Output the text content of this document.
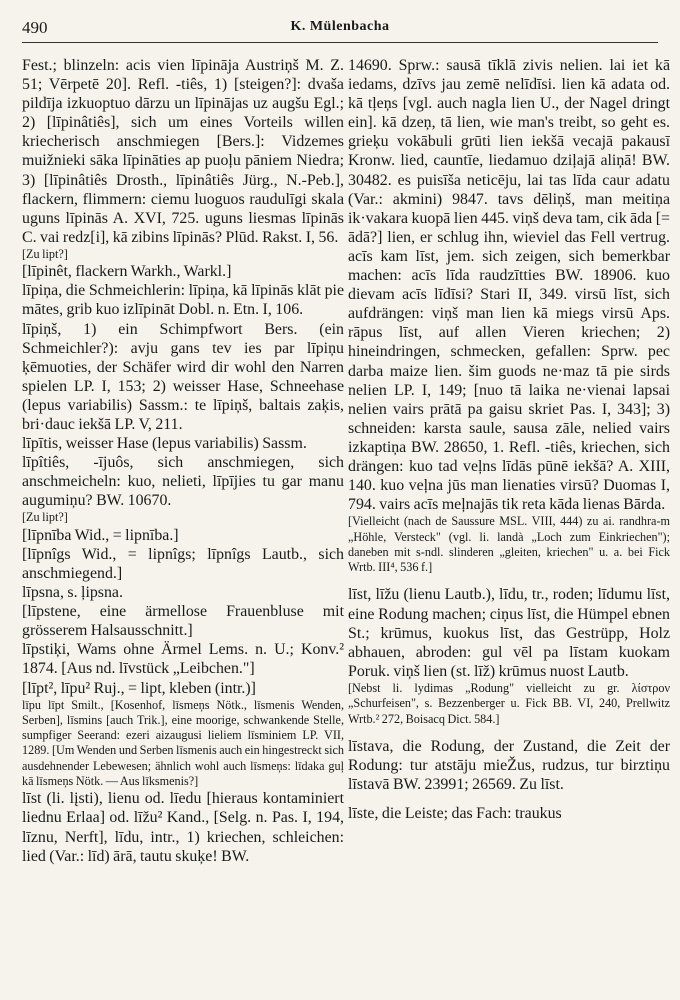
490	K. Mülenbacha

Fest.; blinzeln: acis vien līpināja Austriņš M. Z. 51; Vērpetē 20]. Refl. -tiês, 1) [steigen?]: dvaša pildīja izkuoptuo dārzu un līpinājas uz augšu Egl.; 2) [līpinâtiês], sich um eines Vorteils willen kriecherisch anschmiegen [Bers.]: Vidzemes muižnieki sāka līpināties ap puoļu pāniem Niedra; 3) [līpinâtiês Drosth., līpinâtiês Jürg., N.-Peb.], flackern, flimmern: ciemu luoguos raudulīgi skala uguns līpinās A. XVI, 725. uguns liesmas līpinās C. vai redz[i], kā zibins līpinās? Plūd. Rakst. I, 56.

[Zu lipt?]

[līpinêt, flackern Warkh., Warkl.]

līpiņa, die Schmeichlerin: līpiņa, kā līpinās klāt pie mātes, grib kuo izlīpināt Dobl. n. Etn. I, 106.

līpiņš, 1) ein Schimpfwort Bers. (ein Schmeichler?): avju gans tev ies par līpiņu ķēmuoties, der Schäfer wird dir wohl den Narren spielen LP. I, 153; 2) weisser Hase, Schneehase (lepus variabilis) Sassm.: te līpiņš, baltais zaķis, bri·dauc iekšā LP. V, 211.

līpītis, weisser Hase (lepus variabilis) Sassm.

līpîtiês, -ījuôs, sich anschmiegen, sich anschmeicheln: kuo, nelieti, līpījies tu gar manu augumiņu? BW. 10670.

[Zu lipt?]

[līpnība Wid., = lipnība.]

[līpnîgs Wid., = lipnîgs; līpnîgs Lautb., sich anschmiegend.]

līpsna, s. ļipsna.

[līpstene, eine ärmellose Frauenbluse mit grösserem Halsausschnitt.]

līpstiķi, Wams ohne Ärmel Lems. n. U.; Konv.² 1874. [Aus nd. līvstück „Leibchen."]

[līpt², līpu² Ruj., = lipt, kleben (intr.)]

līpu līpt Smilt., [Kosenhof, līsmeņs Nötk., līsmenis Wenden, Serben], līsmins [auch Trik.], eine moorige, schwankende Stelle, sumpfiger Seerand: ezeri aizaugusi lieliem līsminiem LP. VII, 1289. [Um Wenden und Serben līsmenis auch ein hingestreckt sich ausdehnender Lebewesen; ähnlich wohl auch līsmeņs: līdaka guļ kā līsmeņs Nötk. — Aus līksmenis?]

līst (li. lįsti), lienu od. līedu [hieraus kontaminiert liednu Erlaa] od. līžu² Kand., [Selg. n. Pas. I, 194, līznu, Nerft], līdu, intr., 1) kriechen, schleichen: lied (Var.: līd) ārā, tautu skuķe! BW.

14690. Sprw.: sausā tīklā zivis nelien. lai iet kā iedams, dzīvs jau zemē nelīdīsi. lien kā adata od. kā tļeņs [vgl. auch nagla lien U., der Nagel dringt ein]. kā dzeņ, tā lien, wie man's treibt, so geht es. grieķu vokābuli grūti lien iekšā vecajā pakausī Kronw. lied, cauntīe, liedamuo dziļajā aliņā! BW. 30482. es puisīša neticēju, lai tas līda caur adatu (Var.: akmini) 9847. tavs dēliņš, man meitiņa ik·vakara kuopā lien 445. viņš deva tam, cik āda [= ādā?] lien, er schlug ihn, wieviel das Fell vertrug. acīs kam līst, jem. sich zeigen, sich bemerkbar machen: acīs līda raudzītties BW. 18906. kuo dievam acīs līdīsi? Stari II, 349. virsū līst, sich aufdrängen: viņš man lien kā miegs virsū Aps. rāpus līst, auf allen Vieren kriechen; 2) hineindringen, schmecken, gefallen: Sprw. pec darba maize lien. šim guods ne·maz tā pie sirds nelien LP. I, 149; [nuo tā laika ne·vienai lapsai nelien vairs prātā pa gaisu skriet Pas. I, 343]; 3) schneiden: karsta saule, sausa zāle, nelied vairs izkaptiņa BW. 28650, 1. Refl. -tiês, kriechen, sich drängen: kuo tad veļns līdās pūnē iekšā? A. XIII, 140. kuo veļna jūs man lienaties virsū? Duomas I, 794. vairs acīs meļnajās tik reta kāda lienas Bārda.

[Vielleicht (nach de Saussure MSL. VIII, 444) zu ai. randhra-m „Höhle, Versteck" (vgl. li. landà „Loch zum Einkriechen"); daneben mit s-ndl. slinderen „gleiten, kriechen" u. a. bei Fick Wrtb. III⁴, 536 f.]

līst, līžu (lienu Lautb.), līdu, tr., roden; līdumu līst, eine Rodung machen; ciņus līst, die Hümpel ebnen St.; krūmus, kuokus līst, das Gestrüpp, Holz abhauen, abroden: gul vēl pa līstam kuokam Poruk. viņš lien (st. līž) krūmus nuost Lautb.

[Nebst li. lydimas „Rodung" vielleicht zu gr. λίστρον „Schurfeisen", s. Bezzenberger u. Fick BB. VI, 240, Prellwitz Wrtb.² 272, Boisacq Dict. 584.]

līstava, die Rodung, der Zustand, die Zeit der Rodung: tur atstāju mieŽus, rudzus, tur birztiņu līstavā BW. 23991; 26569. Zu līst.

līste, die Leiste; das Fach: traukus
